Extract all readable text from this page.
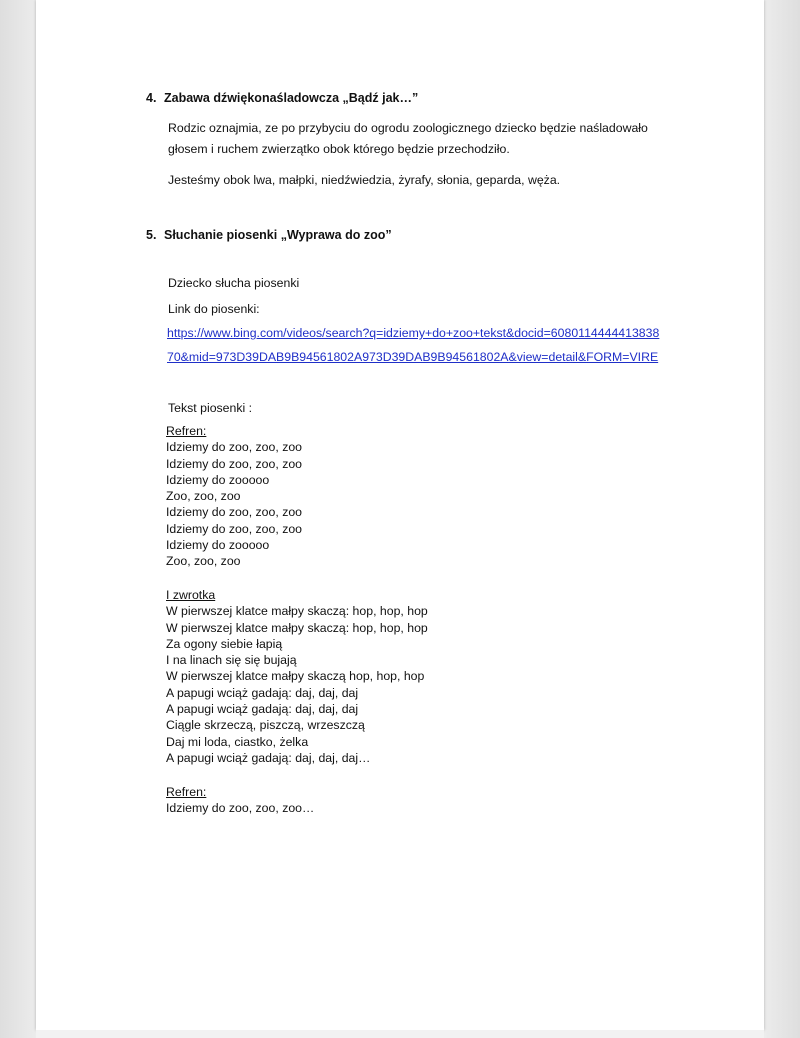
4. Zabawa dźwiękonaśladowcza „Bądź jak…”
Rodzic oznajmia, ze po przybyciu do ogrodu zoologicznego dziecko będzie naśladowało
głosem i ruchem zwierzątko obok którego będzie przechodziło.
Jesteśmy obok lwa, małpki, niedźwiedzia, żyrafy, słonia, geparda, węża.
5. Słuchanie piosenki „Wyprawa do zoo”
Dziecko słucha piosenki
Link do piosenki:
https://www.bing.com/videos/search?q=idziemy+do+zoo+tekst&docid=6080114444413838
70&mid=973D39DAB9B94561802A973D39DAB9B94561802A&view=detail&FORM=VIRE
Tekst piosenki :
Refren:
Idziemy do zoo, zoo, zoo
Idziemy do zoo, zoo, zoo
Idziemy do zooooo
Zoo, zoo, zoo
Idziemy do zoo, zoo, zoo
Idziemy do zoo, zoo, zoo
Idziemy do zooooo
Zoo, zoo, zoo
I zwrotka
W pierwszej klatce małpy skaczą: hop, hop, hop
W pierwszej klatce małpy skaczą: hop, hop, hop
Za ogony siebie łapią
I na linach się się bujają
W pierwszej klatce małpy skaczą hop, hop, hop
A papugi wciąż gadają: daj, daj, daj
A papugi wciąż gadają: daj, daj, daj
Ciągle skrzeczą, piszczą, wrzeszczą
Daj mi loda, ciastko, żelka
A papugi wciąż gadają: daj, daj, daj…
Refren:
Idziemy do zoo, zoo, zoo…
